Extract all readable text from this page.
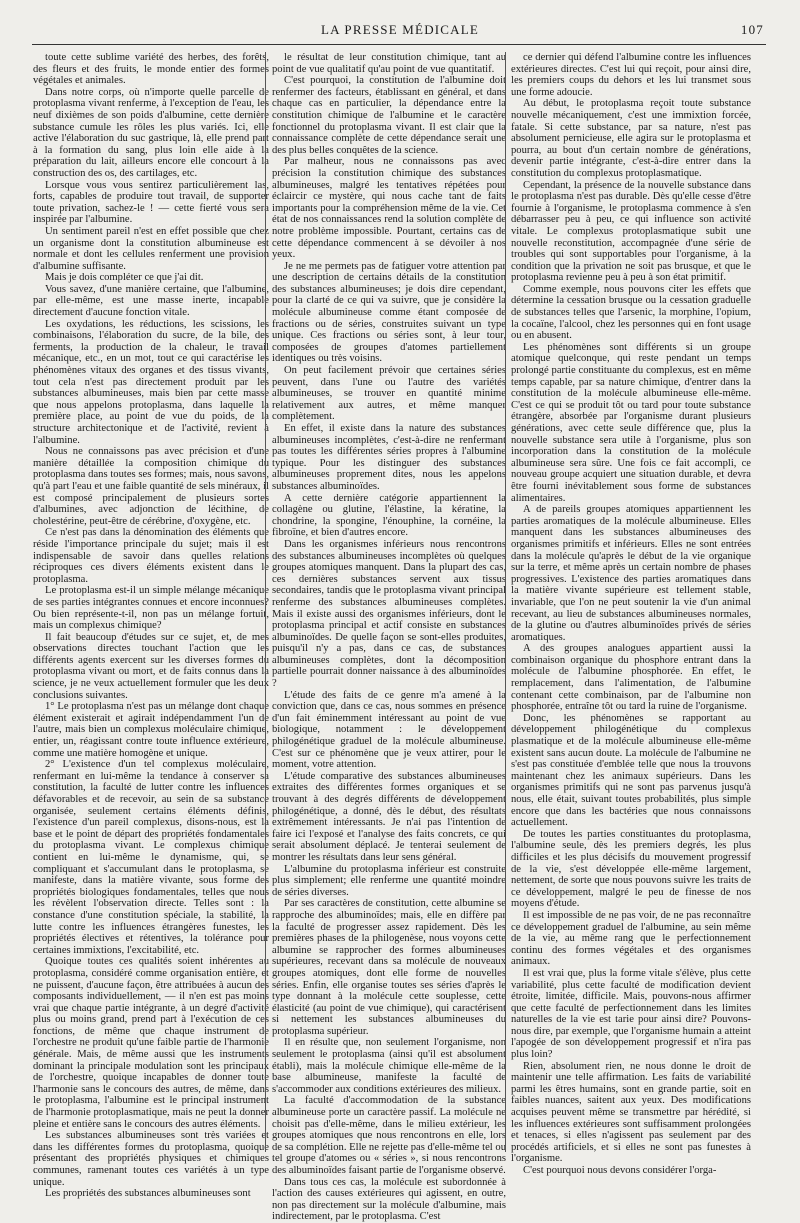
LA PRESSE MÉDICALE	107

toute cette sublime variété des herbes, des forêts, des fleurs et des fruits, le monde entier des formes végétales et animales.

Dans notre corps, où n'importe quelle parcelle de protoplasma vivant renferme, à l'exception de l'eau, les neuf dixièmes de son poids d'albumine, cette dernière substance cumule les rôles les plus variés. Ici, elle active l'élaboration du suc gastrique, là, elle prend part à la formation du sang, plus loin elle aide à la préparation du lait, ailleurs encore elle concourt à la construction des os, des cartilages, etc.

Lorsque vous vous sentirez particulièrement las, forts, capables de produire tout travail, de supporter toute privation, sachez-le ! — cette fierté vous sera inspirée par l'albumine.

Un sentiment pareil n'est en effet possible que chez un organisme dont la constitution albumineuse est normale et dont les cellules renferment une provision d'albumine suffisante.

Mais je dois compléter ce que j'ai dit.

Vous savez, d'une manière certaine, que l'albumine, par elle-même, est une masse inerte, incapable directement d'aucune fonction vitale.

Les oxydations, les réductions, les scissions, les combinaisons, l'élaboration du sucre, de la bile, des ferments, la production de la chaleur, le travail mécanique, etc., en un mot, tout ce qui caractérise les phénomènes vitaux des organes et des tissus vivants, tout cela n'est pas directement produit par les substances albumineuses, mais bien par cette masse que nous appelons protoplasma, dans laquelle la première place, au point de vue du poids, de la structure architectonique et de l'activité, revient à l'albumine.

Nous ne connaissons pas avec précision et d'une manière détaillée la composition chimique du protoplasma dans toutes ses formes; mais, nous savons, qu'à part l'eau et une faible quantité de sels minéraux, il est composé principalement de plusieurs sortes d'albumines, avec adjonction de lécithine, de cholestérine, peut-être de cérébrine, d'oxygène, etc.

Ce n'est pas dans la dénomination des éléments que réside l'importance principale du sujet; mais il est indispensable de savoir dans quelles relations réciproques ces divers éléments existent dans le protoplasma.

Le protoplasma est-il un simple mélange mécanique de ses parties intégrantes connues et encore inconnues? Ou bien représente-t-il, non pas un mélange fortuit, mais un complexus chimique?

Il fait beaucoup d'études sur ce sujet, et, de mes observations directes touchant l'action que les différents agents exercent sur les diverses formes du protoplasma vivant ou mort, et de faits connus dans la science, je ne veux actuellement formuler que les deux conclusions suivantes.

1° Le protoplasma n'est pas un mélange dont chaque élément existerait et agirait indépendamment l'un de l'autre, mais bien un complexus moléculaire chimique, entier, un, réagissant contre toute influence extérieure, comme une matière homogène et unique.

2° L'existence d'un tel complexus moléculaire, renfermant en lui-même la tendance à conserver sa constitution, la faculté de lutter contre les influences défavorables et de recevoir, au sein de sa substance organisée, seulement certains éléments définis, l'existence d'un pareil complexus, disons-nous, est la base et le point de départ des propriétés fondamentales du protoplasma vivant. Le complexus chimique contient en lui-même le dynamisme, qui, se compliquant et s'accumulant dans le protoplasma, se manifeste, dans la matière vivante, sous forme des propriétés biologiques fondamentales, telles que nous les révèlent l'observation directe. Telles sont : la constance d'une constitution spéciale, la stabilité, la lutte contre les influences étrangères funestes, les propriétés électives et rétentives, la tolérance pour certaines immixtions, l'excitabilité, etc.

Quoique toutes ces qualités soient inhérentes au protoplasma, considéré comme organisation entière, et ne puissent, d'aucune façon, être attribuées à aucun des composants individuellement, — il n'en est pas moins vrai que chaque partie intégrante, à un degré d'activité plus ou moins grand, prend part à l'exécution de ces fonctions, de même que chaque instrument de l'orchestre ne produit qu'une faible partie de l'harmonie générale. Mais, de même aussi que les instruments dominant la principale modulation sont les principaux de l'orchestre, quoique incapables de donner toute l'harmonie sans le concours des autres, de même, dans le protoplasma, l'albumine est le principal instrument de l'harmonie protoplasmatique, mais ne peut la donner pleine et entière sans le concours des autres éléments.

Les substances albumineuses sont très variées et dans les différentes formes du protoplasma, quoique présentant des propriétés physiques et chimiques communes, ramenant toutes ces variétés à un type unique.

Les propriétés des substances albumineuses sont

le résultat de leur constitution chimique, tant au point de vue qualitatif qu'au point de vue quantitatif.

C'est pourquoi, la constitution de l'albumine doit renfermer des facteurs, établissant en général, et dans chaque cas en particulier, la dépendance entre la constitution chimique de l'albumine et le caractère fonctionnel du protoplasma vivant. Il est clair que la connaissance complète de cette dépendance serait une des plus belles conquêtes de la science.

Par malheur, nous ne connaissons pas avec précision la constitution chimique des substances albumineuses, malgré les tentatives répétées pour éclaircir ce mystère, qui nous cache tant de faits importants pour la compréhension même de la vie. Cet état de nos connaissances rend la solution complète de notre problème impossible. Pourtant, certains cas de cette dépendance commencent à se dévoiler à nos yeux.

Je ne me permets pas de fatiguer votre attention par une description de certains détails de la constitution des substances albumineuses; je dois dire cependant, pour la clarté de ce qui va suivre, que je considère la molécule albumineuse comme étant composée de fractions ou de séries, construites suivant un type unique. Ces fractions ou séries sont, à leur tour, composées de groupes d'atomes partiellement identiques ou très voisins.

On peut facilement prévoir que certaines séries peuvent, dans l'une ou l'autre des variétés albumineuses, se trouver en quantité minime relativement aux autres, et même manquer complètement.

En effet, il existe dans la nature des substances albumineuses incomplètes, c'est-à-dire ne renfermant pas toutes les différentes séries propres à l'albumine typique. Pour les distinguer des substances albumineuses proprement dites, nous les appelons substances albuminoïdes.

A cette dernière catégorie appartiennent la collagène ou glutine, l'élastine, la kératine, la chondrine, la spongine, l'énouphine, la cornéine, la fibroïne, et bien d'autres encore.

Dans les organismes inférieurs nous rencontrons des substances albumineuses incomplètes où quelques groupes atomiques manquent. Dans la plupart des cas, ces dernières substances servent aux tissus secondaires, tandis que le protoplasma vivant principal renferme des substances albumineuses complètes. Mais il existe aussi des organismes inférieurs, dont le protoplasma principal et actif consiste en substances albuminoïdes. De quelle façon se sont-elles produites, puisqu'il n'y a pas, dans ce cas, de substances albumineuses complètes, dont la décomposition partielle pourrait donner naissance à des albuminoïdes ?

L'étude des faits de ce genre m'a amené à la conviction que, dans ce cas, nous sommes en présence d'un fait éminemment intéressant au point de vue biologique, notamment : le développement philogénétique graduel de la molécule albumineuse. C'est sur ce phénomène que je veux attirer, pour le moment, votre attention.

L'étude comparative des substances albumineuses extraites des différentes formes organiques et se trouvant à des degrés différents de développement philogénétique, a donné, dès le début, des résultats extrêmement intéressants. Je n'ai pas l'intention de faire ici l'exposé et l'analyse des faits concrets, ce qui serait absolument déplacé. Je tenterai seulement de montrer les résultats dans leur sens général.

L'albumine du protoplasma inférieur est construite plus simplement; elle renferme une quantité moindre de séries diverses.

Par ses caractères de constitution, cette albumine se rapproche des albuminoïdes; mais, elle en diffère par la faculté de progresser assez rapidement. Dès les premières phases de la philogenèse, nous voyons cette albumine se rapprocher des formes albumineuses supérieures, recevant dans sa molécule de nouveaux groupes atomiques, dont elle forme de nouvelles séries. Enfin, elle organise toutes ses séries d'après le type donnant à la molécule cette souplesse, cette élasticité (au point de vue chimique), qui caractérisent si nettement les substances albumineuses du protoplasma supérieur.

Il en résulte que, non seulement l'organisme, non seulement le protoplasma (ainsi qu'il est absolument établi), mais la molécule chimique elle-même de la base albumineuse, manifeste la faculté de s'accommoder aux conditions extérieures des milieux.

La faculté d'accommodation de la substance albumineuse porte un caractère passif. La molécule ne choisit pas d'elle-même, dans le milieu extérieur, les groupes atomiques que nous rencontrons en elle, lors de sa complétion. Elle ne rejette pas d'elle-même tel ou tel groupe d'atomes ou « séries », si nous rencontrons des albuminoïdes faisant partie de l'organisme observé.

Dans tous ces cas, la molécule est subordonnée à l'action des causes extérieures qui agissent, en outre, non pas directement sur la molécule d'albumine, mais indirectement, par le protoplasma. C'est

ce dernier qui défend l'albumine contre les influences extérieures directes. C'est lui qui reçoit, pour ainsi dire, les premiers coups du dehors et les lui transmet sous une forme adoucie.

Au début, le protoplasma reçoit toute substance nouvelle mécaniquement, c'est une immixtion forcée, fatale. Si cette substance, par sa nature, n'est pas absolument pernicieuse, elle agira sur le protoplasma et pourra, au bout d'un certain nombre de générations, devenir partie intégrante, c'est-à-dire entrer dans la constitution du complexus protoplasmatique.

Cependant, la présence de la nouvelle substance dans le protoplasma n'est pas durable. Dès qu'elle cesse d'être fournie à l'organisme, le protoplasma commence à s'en débarrasser peu à peu, ce qui influence son activité vitale. Le complexus protoplasmatique subit une nouvelle reconstitution, accompagnée d'une série de troubles qui sont supportables pour l'organisme, à la condition que la privation ne soit pas brusque, et que le protoplasma revienne peu à peu à son état primitif.

Comme exemple, nous pouvons citer les effets que détermine la cessation brusque ou la cessation graduelle de substances telles que l'arsenic, la morphine, l'opium, la cocaïne, l'alcool, chez les personnes qui en font usage ou en abusent.

Les phénomènes sont différents si un groupe atomique quelconque, qui reste pendant un temps prolongé partie constituante du complexus, est en même temps capable, par sa nature chimique, d'entrer dans la constitution de la molécule albumineuse elle-même. C'est ce qui se produit tôt ou tard pour toute substance étrangère, absorbée par l'organisme durant plusieurs générations, avec cette seule différence que, plus la nouvelle substance sera utile à l'organisme, plus son incorporation dans la constitution de la molécule albumineuse sera sûre. Une fois ce fait accompli, ce nouveau groupe acquiert une situation durable, et devra être fourni inévitablement sous forme de substances alimentaires.

A de pareils groupes atomiques appartiennent les parties aromatiques de la molécule albumineuse. Elles manquent dans les substances albumineuses des organismes primitifs et inférieurs. Elles ne sont entrées dans la molécule qu'après le début de la vie organique sur la terre, et même après un certain nombre de phases progressives. L'existence des parties aromatiques dans la matière vivante supérieure est tellement stable, invariable, que l'on ne peut soutenir la vie d'un animal recevant, au lieu de substances albumineuses normales, de la glutine ou d'autres albuminoïdes privés de séries aromatiques.

A des groupes analogues appartient aussi la combinaison organique du phosphore entrant dans la molécule de l'albumine phosphorée. En effet, le remplacement, dans l'alimentation, de l'albumine contenant cette combinaison, par de l'albumine non phosphorée, entraîne tôt ou tard la ruine de l'organisme.

Donc, les phénomènes se rapportant au développement philogénétique du complexus plasmatique et de la molécule albumineuse elle-même existent sans aucun doute. La molécule de l'albumine ne s'est pas constituée d'emblée telle que nous la trouvons maintenant chez les animaux supérieurs. Dans les organismes primitifs qui ne sont pas parvenus jusqu'à nous, elle était, suivant toutes probabilités, plus simple encore que dans les bactéries que nous connaissons actuellement.

De toutes les parties constituantes du protoplasma, l'albumine seule, dès les premiers degrés, les plus difficiles et les plus décisifs du mouvement progressif de la vie, s'est développée elle-même largement, nettement, de sorte que nous pouvons suivre les traits de ce développement, malgré le peu de finesse de nos moyens d'étude.

Il est impossible de ne pas voir, de ne pas reconnaître ce développement graduel de l'albumine, au sein même de la vie, au même rang que le perfectionnement continu des formes végétales et des organismes animaux.

Il est vrai que, plus la forme vitale s'élève, plus cette variabilité, plus cette faculté de modification devient étroite, limitée, difficile. Mais, pouvons-nous affirmer que cette faculté de perfectionnement dans les limites naturelles de la vie est tarie pour ainsi dire? Pouvons-nous dire, par exemple, que l'organisme humain a atteint l'apogée de son développement progressif et n'ira pas plus loin?

Rien, absolument rien, ne nous donne le droit de maintenir une telle affirmation. Les faits de variabilité parmi les êtres humains, sont en grande partie, soit en faibles nuances, saitent aux yeux. Des modifications acquises peuvent même se transmettre par hérédité, si les influences extérieures sont suffisamment prolongées et tenaces, si elles n'agissent pas seulement par des procédés artificiels, et si elles ne sont pas funestes à l'organisme.

C'est pourquoi nous devons considérer l'orga-
